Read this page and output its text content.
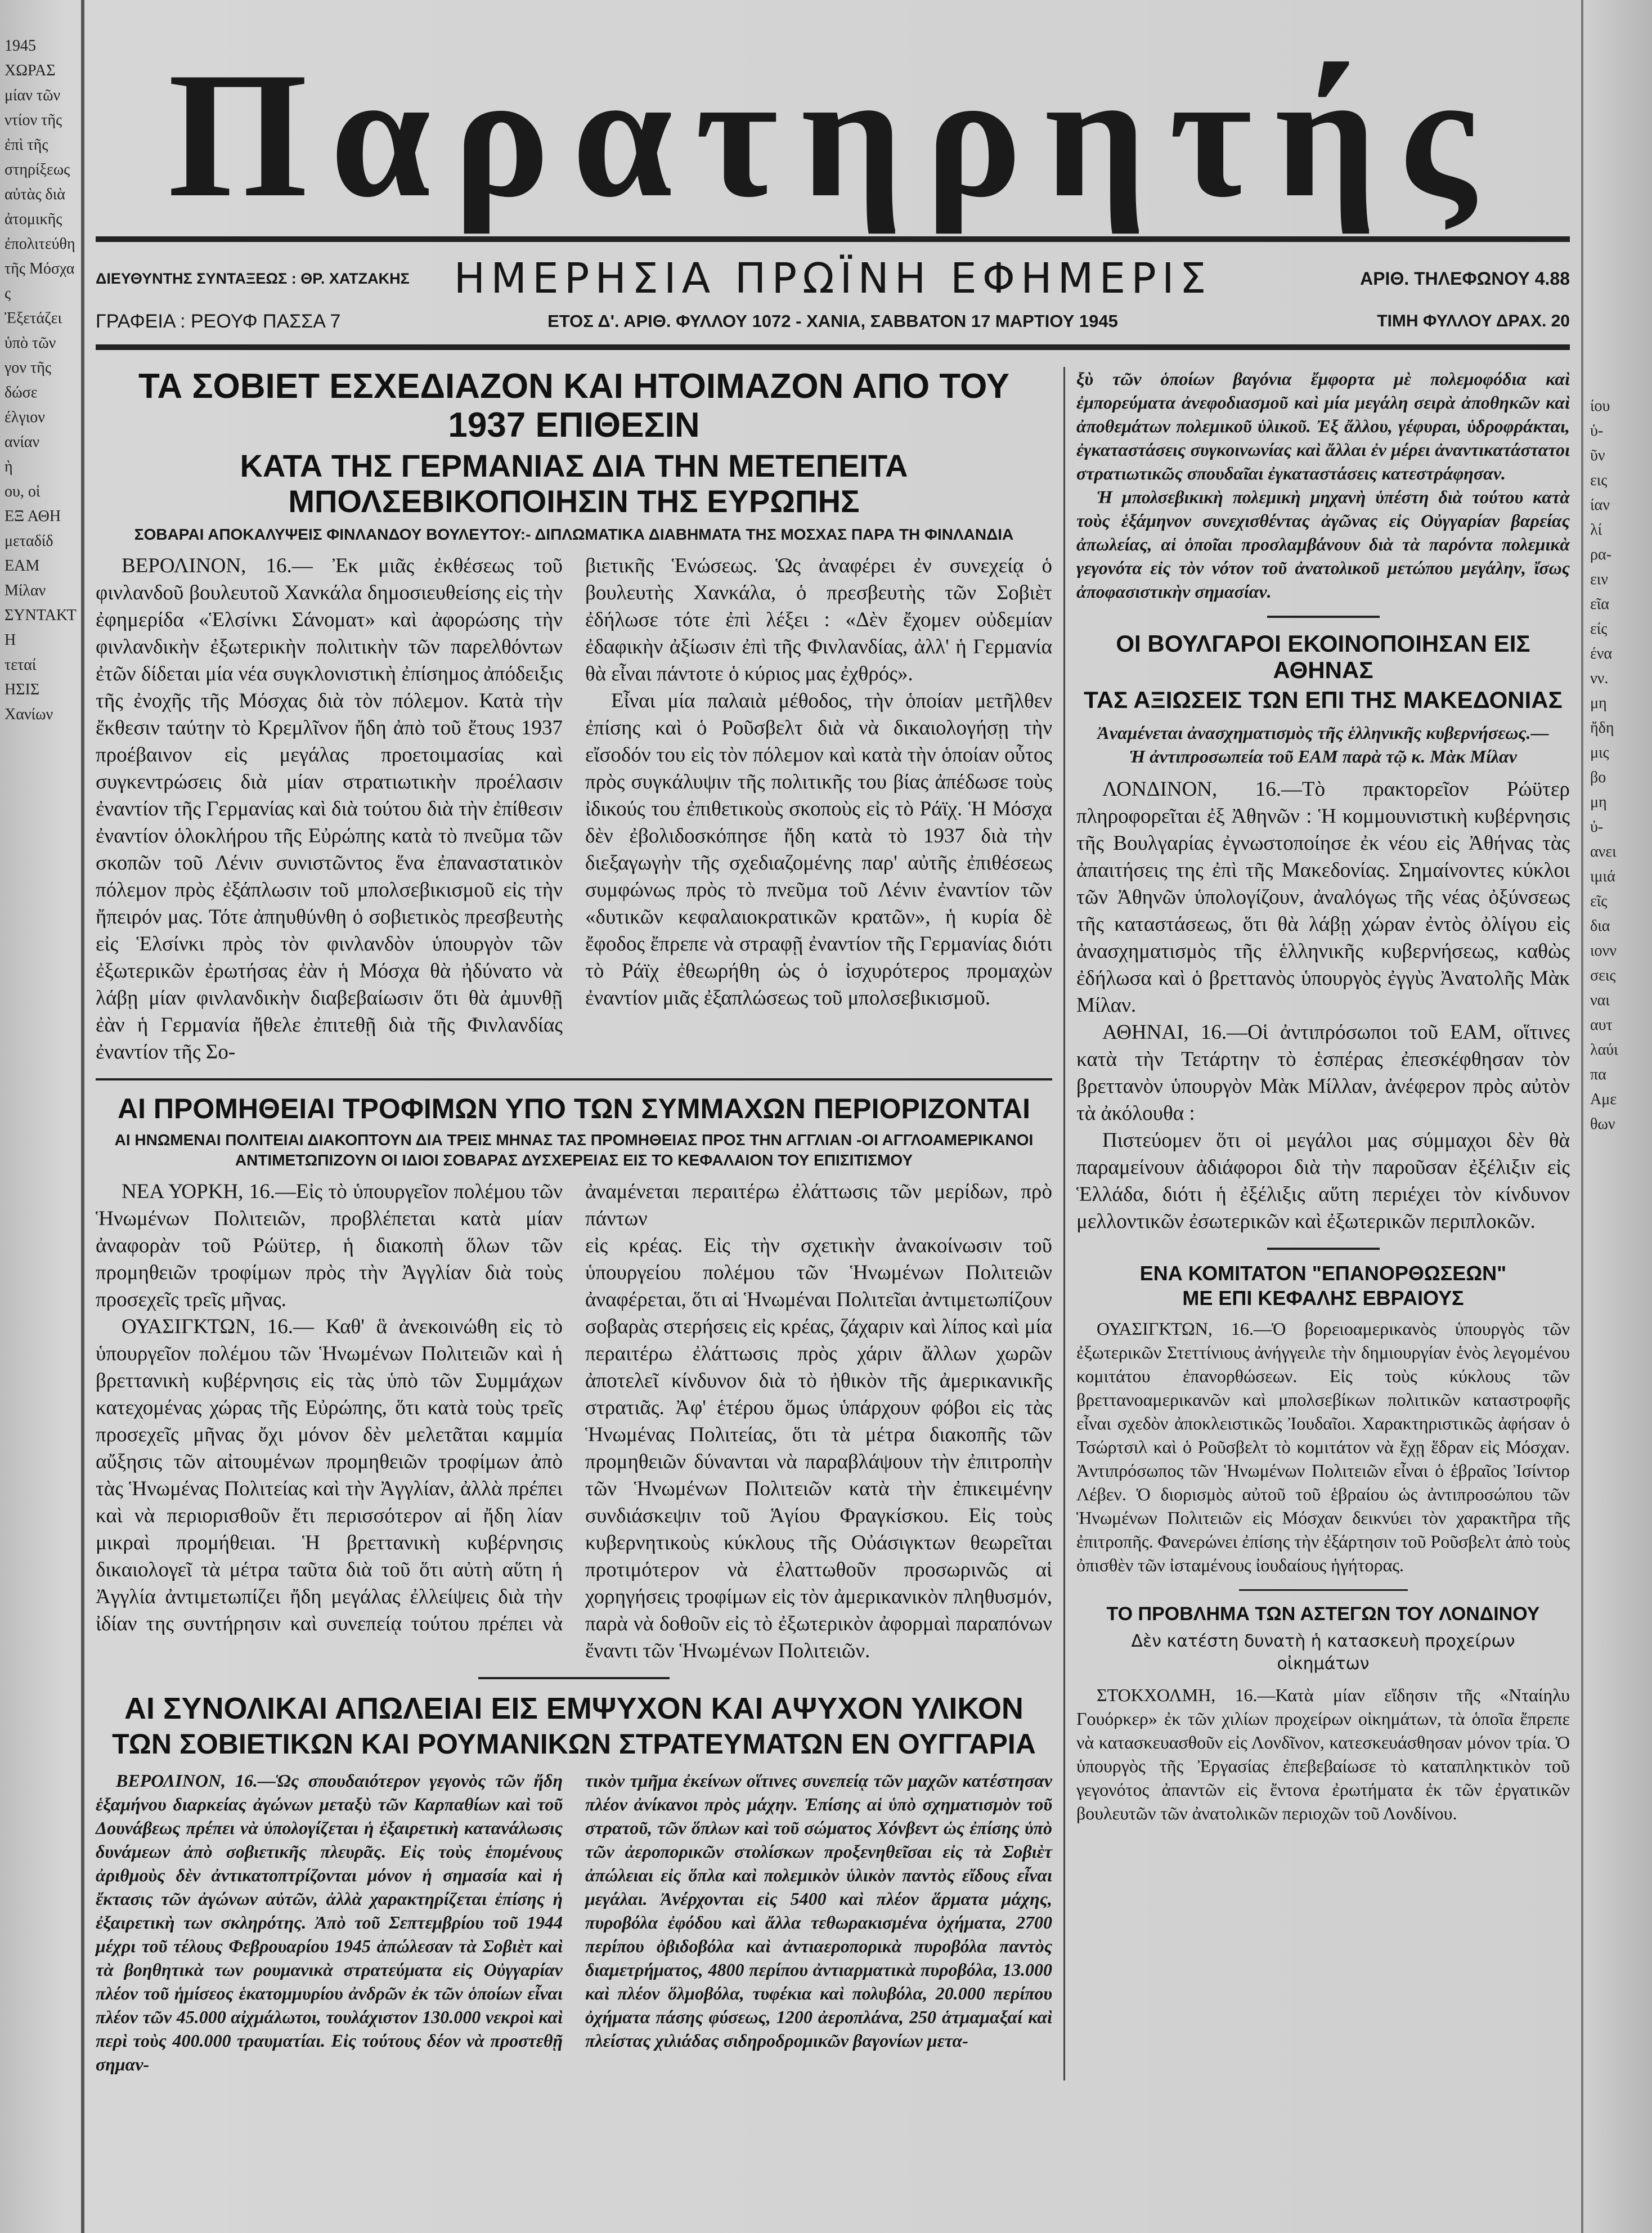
1945
ΧΩΡΑΣ
μίαν τῶν
ντίον τῆς
ἐπὶ τῆς
στηρίξεως
αὐτὰς διὰ
ἀτομικῆς
ἐπολιτεύθη
τῆς Μόσχας
Ἐξετάζει
ὑπὸ τῶν
γον τῆς
δώσε
έλγιον
ανίαν
ὴ
ου, οἱ
ΕΞ ΑΘΗ
μεταδίδ
ΕΑΜ
Μίλαν
ΣΥΝΤΑΚΤΗ
τεταί
ΗΣΙΣ
Χανίων
Παρατηρητής
ΔΙΕΥΘΥΝΤΗΣ ΣΥΝΤΑΞΕΩΣ : ΘΡ. ΧΑΤΖΑΚΗΣ	ΗΜΕΡΗΣΙΑ ΠΡΩΪΝΗ ΕΦΗΜΕΡΙΣ	ΑΡΙΘ. ΤΗΛΕΦΩΝΟΥ 4.88
ΓΡΑΦΕΙΑ : ΡΕΟΥΦ ΠΑΣΣΑ 7	ΕΤΟΣ Δ'. ΑΡΙΘ. ΦΥΛΛΟΥ 1072 - ΧΑΝΙΑ, ΣΑΒΒΑΤΟΝ 17 ΜΑΡΤΙΟΥ 1945	ΤΙΜΗ ΦΥΛΛΟΥ ΔΡΑΧ. 20
ΤΑ ΣΟΒΙΕΤ ΕΣΧΕΔΙΑΖΟΝ ΚΑΙ ΗΤΟΙΜΑΖΟΝ ΑΠΟ ΤΟΥ 1937 ΕΠΙΘΕΣΙΝ
ΚΑΤΑ ΤΗΣ ΓΕΡΜΑΝΙΑΣ ΔΙΑ ΤΗΝ ΜΕΤΕΠΕΙΤΑ ΜΠΟΛΣΕΒΙΚΟΠΟΙΗΣΙΝ ΤΗΣ ΕΥΡΩΠΗΣ
ΣΟΒΑΡΑΙ ΑΠΟΚΑΛΥΨΕΙΣ ΦΙΝΛΑΝΔΟΥ ΒΟΥΛΕΥΤΟΥ:- ΔΙΠΛΩΜΑΤΙΚΑ ΔΙΑΒΗΜΑΤΑ ΤΗΣ ΜΟΣΧΑΣ ΠΑΡΑ ΤΗ ΦΙΝΛΑΝΔΙΑ

ΒΕΡΟΛΙΝΟΝ, 16.— Ἐκ μιᾶς ἐκθέσεως τοῦ φινλανδοῦ βουλευτοῦ Χανκάλα δημοσιευθείσης εἰς τὴν ἐφημερίδα «Ἑλσίνκι Σάνοματ» καὶ ἀφορώσης τὴν φινλανδικὴν ἐξωτερικὴν πολιτικὴν τῶν παρελθόντων ἐτῶν δίδεται μία νέα συγκλονιστικὴ ἐπίσημος ἀπόδειξις τῆς ἐνοχῆς τῆς Μόσχας διὰ τὸν πόλεμον. Κατὰ τὴν ἔκθεσιν ταύτην τὸ Κρεμλῖνον ἤδη ἀπὸ τοῦ ἔτους 1937 προέβαινον εἰς μεγάλας προετοιμασίας καὶ συγκεντρώσεις διὰ μίαν στρατιωτικὴν προέλασιν ἐναντίον τῆς Γερμανίας καὶ διὰ τούτου διὰ τὴν ἐπίθεσιν ἐναντίον ὁλοκλήρου τῆς Εὐρώπης κατὰ τὸ πνεῦμα τῶν σκοπῶν τοῦ Λένιν συνιστῶντος ἕνα ἐπαναστατικὸν πόλεμον πρὸς ἐξάπλωσιν τοῦ μπολσεβικισμοῦ εἰς τὴν ἤπειρόν μας. Τότε ἀπηυθύνθη ὁ σοβιετικὸς πρεσβευτὴς εἰς Ἑλσίνκι πρὸς τὸν φινλανδὸν ὑπουργὸν τῶν ἐξωτερικῶν ἐρωτήσας ἐὰν ἡ Μόσχα θὰ ἠδύνατο νὰ λάβῃ μίαν φινλανδικὴν διαβεβαίωσιν ὅτι θὰ ἀμυνθῇ ἐὰν ἡ Γερμανία ἤθελε ἐπιτεθῇ διὰ τῆς Φινλανδίας ἐναντίον τῆς Σο-

βιετικῆς Ἑνώσεως. Ὡς ἀναφέρει ἐν συνεχείᾳ ὁ βουλευτὴς Χανκάλα, ὁ πρεσβευτὴς τῶν Σοβιὲτ ἐδήλωσε τότε ἐπὶ λέξει : «Δὲν ἔχομεν οὐδεμίαν ἐδαφικὴν ἀξίωσιν ἐπὶ τῆς Φινλανδίας, ἀλλ' ἡ Γερμανία θὰ εἶναι πάντοτε ὁ κύριος μας ἐχθρός».

Εἶναι μία παλαιὰ μέθοδος, τὴν ὁποίαν μετῆλθεν ἐπίσης καὶ ὁ Ροῦσβελτ διὰ νὰ δικαιολογήσῃ τὴν εἴσοδόν του εἰς τὸν πόλεμον καὶ κατὰ τὴν ὁποίαν οὗτος πρὸς συγκάλυψιν τῆς πολιτικῆς του βίας ἀπέδωσε τοὺς ἰδικούς του ἐπιθετικοὺς σκοποὺς εἰς τὸ Ράϊχ. Ἡ Μόσχα δὲν ἐβολιδοσκόπησε ἤδη κατὰ τὸ 1937 διὰ τὴν διεξαγωγὴν τῆς σχεδιαζομένης παρ' αὐτῆς ἐπιθέσεως συμφώνως πρὸς τὸ πνεῦμα τοῦ Λένιν ἐναντίον τῶν «δυτικῶν κεφαλαιοκρατικῶν κρατῶν», ἡ κυρία δὲ ἔφοδος ἔπρεπε νὰ στραφῇ ἐναντίον τῆς Γερμανίας διότι τὸ Ράϊχ ἐθεωρήθη ὡς ὁ ἰσχυρότερος προμαχὼν ἐναντίον μιᾶς ἐξαπλώσεως τοῦ μπολσεβικισμοῦ.

ΑΙ ΠΡΟΜΗΘΕΙΑΙ ΤΡΟΦΙΜΩΝ ΥΠΟ ΤΩΝ ΣΥΜΜΑΧΩΝ ΠΕΡΙΟΡΙΖΟΝΤΑΙ
ΑΙ ΗΝΩΜΕΝΑΙ ΠΟΛΙΤΕΙΑΙ ΔΙΑΚΟΠΤΟΥΝ ΔΙΑ ΤΡΕΙΣ ΜΗΝΑΣ ΤΑΣ ΠΡΟΜΗΘΕΙΑΣ ΠΡΟΣ ΤΗΝ ΑΓΓΛΙΑΝ -ΟΙ ΑΓΓΛΟΑΜΕΡΙΚΑΝΟΙ ΑΝΤΙΜΕΤΩΠΙΖΟΥΝ ΟΙ ΙΔΙΟΙ ΣΟΒΑΡΑΣ ΔΥΣΧΕΡΕΙΑΣ ΕΙΣ ΤΟ ΚΕΦΑΛΑΙΟΝ ΤΟΥ ΕΠΙΣΙΤΙΣΜΟΥ

ΝΕΑ ΥΟΡΚΗ, 16.—Εἰς τὸ ὑπουργεῖον πολέμου τῶν Ἡνωμένων Πολιτειῶν, προβλέπεται κατὰ μίαν ἀναφορὰν τοῦ Ρώϋτερ, ἡ διακοπὴ ὅλων τῶν προμηθειῶν τροφίμων πρὸς τὴν Ἀγγλίαν διὰ τοὺς προσεχεῖς τρεῖς μῆνας.

ΟΥΑΣΙΓΚΤΩΝ, 16.— Καθ' ἃ ἀνεκοινώθη εἰς τὸ ὑπουργεῖον πολέμου τῶν Ἡνωμένων Πολιτειῶν καὶ ἡ βρεττανικὴ κυβέρνησις εἰς τὰς ὑπὸ τῶν Συμμάχων κατεχομένας χώρας τῆς Εὐρώπης, ὅτι κατὰ τοὺς τρεῖς προσεχεῖς μῆνας ὄχι μόνον δὲν μελετᾶται καμμία αὔξησις τῶν αἰτουμένων προμηθειῶν τροφίμων ἀπὸ τὰς Ἡνωμένας Πολιτείας καὶ τὴν Ἀγγλίαν, ἀλλὰ πρέπει καὶ νὰ περιορισθοῦν ἔτι περισσότερον αἱ ἤδη λίαν μικραὶ προμήθειαι. Ἡ βρεττανικὴ κυβέρνησις δικαιολογεῖ τὰ μέτρα ταῦτα διὰ τοῦ ὅτι αὐτὴ αὕτη ἡ Ἀγγλία ἀντιμετωπίζει ἤδη μεγάλας ἐλλείψεις διὰ τὴν ἰδίαν της συντήρησιν καὶ συνεπείᾳ τούτου πρέπει νὰ ἀναμένεται περαιτέρω ἐλάττωσις τῶν μερίδων, πρὸ πάντων

εἰς κρέας. Εἰς τὴν σχετικὴν ἀνακοίνωσιν τοῦ ὑπουργείου πολέμου τῶν Ἡνωμένων Πολιτειῶν ἀναφέρεται, ὅτι αἱ Ἡνωμέναι Πολιτεῖαι ἀντιμετωπίζουν σοβαρὰς στερήσεις εἰς κρέας, ζάχαριν καὶ λίπος καὶ μία περαιτέρω ἐλάττωσις πρὸς χάριν ἄλλων χωρῶν ἀποτελεῖ κίνδυνον διὰ τὸ ἠθικὸν τῆς ἀμερικανικῆς στρατιᾶς. Ἀφ' ἑτέρου ὅμως ὑπάρχουν φόβοι εἰς τὰς Ἡνωμένας Πολιτείας, ὅτι τὰ μέτρα διακοπῆς τῶν προμηθειῶν δύνανται νὰ παραβλάψουν τὴν ἐπιτροπὴν τῶν Ἡνωμένων Πολιτειῶν κατὰ τὴν ἐπικειμένην συνδιάσκεψιν τοῦ Ἁγίου Φραγκίσκου. Εἰς τοὺς κυβερνητικοὺς κύκλους τῆς Οὐάσιγκτων θεωρεῖται προτιμότερον νὰ ἐλαττωθοῦν προσωρινῶς αἱ χορηγήσεις τροφίμων εἰς τὸν ἀμερικανικὸν πληθυσμόν, παρὰ νὰ δοθοῦν εἰς τὸ ἐξωτερικὸν ἀφορμαὶ παραπόνων ἔναντι τῶν Ἡνωμένων Πολιτειῶν.

ΑΙ ΣΥΝΟΛΙΚΑΙ ΑΠΩΛΕΙΑΙ ΕΙΣ ΕΜΨΥΧΟΝ ΚΑΙ ΑΨΥΧΟΝ ΥΛΙΚΟΝ
ΤΩΝ ΣΟΒΙΕΤΙΚΩΝ ΚΑΙ ΡΟΥΜΑΝΙΚΩΝ ΣΤΡΑΤΕΥΜΑΤΩΝ ΕΝ ΟΥΓΓΑΡΙΑ

ΒΕΡΟΛΙΝΟΝ, 16.—Ὡς σπουδαιότερον γεγονὸς τῶν ἤδη ἑξαμήνου διαρκείας ἀγώνων μεταξὺ τῶν Καρπαθίων καὶ τοῦ Δουνάβεως πρέπει νὰ ὑπολογίζεται ἡ ἐξαιρετικὴ κατανάλωσις δυνάμεων ἀπὸ σοβιετικῆς πλευρᾶς. Εἰς τοὺς ἑπομένους ἀριθμοὺς δὲν ἀντικατοπτρίζονται μόνον ἡ σημασία καὶ ἡ ἔκτασις τῶν ἀγώνων αὐτῶν, ἀλλὰ χαρακτηρίζεται ἐπίσης ἡ ἐξαιρετικὴ των σκληρότης. Ἀπὸ τοῦ Σεπτεμβρίου τοῦ 1944 μέχρι τοῦ τέλους Φεβρουαρίου 1945 ἀπώλεσαν τὰ Σοβιὲτ καὶ τὰ βοηθητικὰ των ρουμανικὰ στρατεύματα εἰς Οὐγγαρίαν πλέον τοῦ ἡμίσεος ἑκατομμυρίου ἀνδρῶν ἐκ τῶν ὁποίων εἶναι πλέον τῶν 45.000 αἰχμάλωτοι, τουλάχιστον 130.000 νεκροὶ καὶ περὶ τοὺς 400.000 τραυματίαι. Εἰς τούτους δέον νὰ προστεθῇ σημαν-

τικὸν τμῆμα ἐκείνων οἵτινες συνεπείᾳ τῶν μαχῶν κατέστησαν πλέον ἀνίκανοι πρὸς μάχην. Ἐπίσης αἱ ὑπὸ σχηματισμὸν τοῦ στρατοῦ, τῶν ὅπλων καὶ τοῦ σώματος Χόνβεντ ὡς ἐπίσης ὑπὸ τῶν ἀεροπορικῶν στολίσκων προξενηθεῖσαι εἰς τὰ Σοβιὲτ ἀπώλειαι εἰς ὅπλα καὶ πολεμικὸν ὑλικὸν παντὸς εἴδους εἶναι μεγάλαι. Ἀνέρχονται εἰς 5400 καὶ πλέον ἅρματα μάχης, πυροβόλα ἐφόδου καὶ ἄλλα τεθωρακισμένα ὀχήματα, 2700 περίπου ὀβιδοβόλα καὶ ἀντιαεροπορικὰ πυροβόλα παντὸς διαμετρήματος, 4800 περίπου ἀντιαρματικὰ πυροβόλα, 13.000 καὶ πλέον ὅλμοβόλα, τυφέκια καὶ πολυβόλα, 20.000 περίπου ὀχήματα πάσης φύσεως, 1200 ἀεροπλάνα, 250 ἁτμαμαξαί καὶ πλείστας χιλιάδας σιδηροδρομικῶν βαγονίων μετα-

ξὺ τῶν ὁποίων βαγόνια ἔμφορτα μὲ πολεμοφόδια καὶ ἐμπορεύματα ἀνεφοδιασμοῦ καὶ μία μεγάλη σειρὰ ἀποθηκῶν καὶ ἀποθεμάτων πολεμικοῦ ὑλικοῦ. Ἐξ ἄλλου, γέφυραι, ὑδροφράκται, ἐγκαταστάσεις συγκοινωνίας καὶ ἄλλαι ἐν μέρει ἀναντικατάστατοι στρατιωτικῶς σπουδαῖαι ἐγκαταστάσεις κατεστράφησαν.

Ἡ μπολσεβικικὴ πολεμικὴ μηχανὴ ὑπέστη διὰ τούτου κατὰ τοὺς ἑξάμηνον συνεχισθέντας ἀγῶνας εἰς Οὐγγαρίαν βαρείας ἀπωλείας, αἱ ὁποῖαι προσλαμβάνουν διὰ τὰ παρόντα πολεμικὰ γεγονότα εἰς τὸν νότον τοῦ ἀνατολικοῦ μετώπου μεγάλην, ἴσως ἀποφασιστικὴν σημασίαν.

ΟΙ ΒΟΥΛΓΑΡΟΙ ΕΚΟΙΝΟΠΟΙΗΣΑΝ ΕΙΣ ΑΘΗΝΑΣ
ΤΑΣ ΑΞΙΩΣΕΙΣ ΤΩΝ ΕΠΙ ΤΗΣ ΜΑΚΕΔΟΝΙΑΣ
Ἀναμένεται ἀνασχηματισμὸς τῆς ἑλληνικῆς κυβερνήσεως.—Ἡ ἀντιπροσωπεία τοῦ ΕΑΜ παρὰ τῷ κ. Μὰκ Μίλαν

ΛΟΝΔΙΝΟΝ, 16.—Τὸ πρακτορεῖον Ρώϋτερ πληροφορεῖται ἐξ Ἀθηνῶν : Ἡ κομμουνιστικὴ κυβέρνησις τῆς Βουλγαρίας ἐγνωστοποίησε ἐκ νέου εἰς Ἀθήνας τὰς ἀπαιτήσεις της ἐπὶ τῆς Μακεδονίας. Σημαίνοντες κύκλοι τῶν Ἀθηνῶν ὑπολογίζουν, ἀναλόγως τῆς νέας ὀξύνσεως τῆς καταστάσεως, ὅτι θὰ λάβῃ χώραν ἐντὸς ὀλίγου εἰς ἀνασχηματισμὸς τῆς ἑλληνικῆς κυβερνήσεως, καθὼς ἐδήλωσα καὶ ὁ βρεττανὸς ὑπουργὸς ἐγγὺς Ἀνατολῆς Μὰκ Μίλαν.

ΑΘΗΝΑΙ, 16.—Οἱ ἀντιπρόσωποι τοῦ ΕΑΜ, οἵτινες κατὰ τὴν Τετάρτην τὸ ἑσπέρας ἐπεσκέφθησαν τὸν βρεττανὸν ὑπουργὸν Μὰκ Μίλλαν, ἀνέφερον πρὸς αὐτὸν τὰ ἀκόλουθα :

Πιστεύομεν ὅτι οἱ μεγάλοι μας σύμμαχοι δὲν θὰ παραμείνουν ἀδιάφοροι διὰ τὴν παροῦσαν ἐξέλιξιν εἰς Ἑλλάδα, διότι ἡ ἐξέλιξις αὕτη περιέχει τὸν κίνδυνον μελλοντικῶν ἐσωτερικῶν καὶ ἐξωτερικῶν περιπλοκῶν.

ΕΝΑ ΚΟΜΙΤΑΤΟΝ "ΕΠΑΝΟΡΘΩΣΕΩΝ"
ΜΕ ΕΠΙ ΚΕΦΑΛΗΣ ΕΒΡΑΙΟΥΣ

ΟΥΑΣΙΓΚΤΩΝ, 16.—Ὁ βορειοαμερικανὸς ὑπουργὸς τῶν ἐξωτερικῶν Στεττίνιους ἀνήγγειλε τὴν δημιουργίαν ἑνὸς λεγομένου κομιτάτου ἐπανορθώσεων. Εἰς τοὺς κύκλους τῶν βρεττανοαμερικανῶν καὶ μπολσεβίκων πολιτικῶν καταστροφῆς εἶναι σχεδὸν ἀποκλειστικῶς Ἰουδαῖοι. Χαρακτηριστικῶς ἀφήσαν ὁ Τσώρτσιλ καὶ ὁ Ροῦσβελτ τὸ κομιτάτον νὰ ἔχῃ ἕδραν εἰς Μόσχαν. Ἀντιπρόσωπος τῶν Ἡνωμένων Πολιτειῶν εἶναι ὁ ἑβραῖος Ἰσίντορ Λέβεν. Ὁ διορισμὸς αὐτοῦ τοῦ ἑβραίου ὡς ἀντιπροσώπου τῶν Ἡνωμένων Πολιτειῶν εἰς Μόσχαν δεικνύει τὸν χαρακτῆρα τῆς ἐπιτροπῆς. Φανερώνει ἐπίσης τὴν ἐξάρτησιν τοῦ Ροῦσβελτ ἀπὸ τοὺς ὀπισθὲν τῶν ἰσταμένους ἰουδαίους ἡγήτορας.

ΤΟ ΠΡΟΒΛΗΜΑ ΤΩΝ ΑΣΤΕΓΩΝ ΤΟΥ ΛΟΝΔΙΝΟΥ
Δὲν κατέστη δυνατὴ ἡ κατασκευὴ προχείρων οἰκημάτων

ΣΤΟΚΧΟΛΜΗ, 16.—Κατὰ μίαν εἴδησιν τῆς «Νταίηλυ Γουόρκερ» ἐκ τῶν χιλίων προχείρων οἰκημάτων, τὰ ὁποῖα ἔπρεπε νὰ κατασκευασθοῦν εἰς Λονδῖνον, κατεσκευάσθησαν μόνον τρία. Ὁ ὑπουργὸς τῆς Ἐργασίας ἐπεβεβαίωσε τὸ καταπληκτικὸν τοῦ γεγονότος ἀπαντῶν εἰς ἔντονα ἐρωτήματα ἐκ τῶν ἐργατικῶν βουλευτῶν τῶν ἀνατολικῶν περιοχῶν τοῦ Λονδίνου.

ίου
ὑ-
ῦν
εις
ίαν
λί
ρα-
ειν
εῖα
είς
ένα
νν.
μη
ἤδη
μις
βο
μη
ὐ-
ανει
ιμιά
εῖς
δια
ιονν
σεις
ναι
αυτ
λαύι
πα
Αμε
θων
